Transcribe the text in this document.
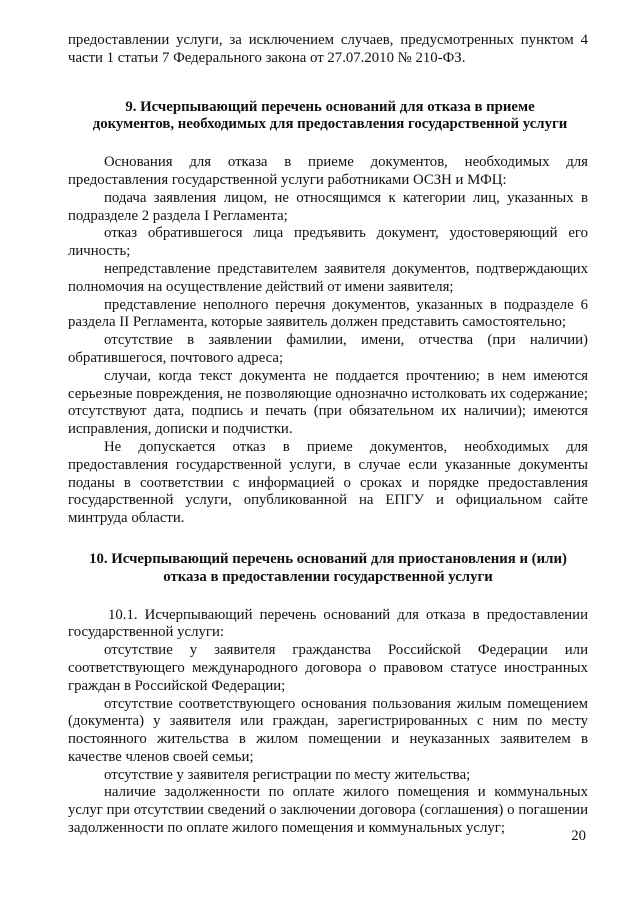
предоставлении услуги, за исключением случаев, предусмотренных пунктом 4 части 1 статьи 7 Федерального закона от 27.07.2010 № 210-ФЗ.

9. Исчерпывающий перечень оснований для отказа в приеме документов, необходимых для предоставления государственной услуги

Основания для отказа в приеме документов, необходимых для предоставления государственной услуги работниками ОСЗН и МФЦ:

подача заявления лицом, не относящимся к категории лиц, указанных в подразделе 2 раздела I Регламента;

отказ обратившегося лица предъявить документ, удостоверяющий его личность;

непредставление представителем заявителя документов, подтверждающих полномочия на осуществление действий от имени заявителя;

представление неполного перечня документов, указанных в подразделе 6 раздела II Регламента, которые заявитель должен представить самостоятельно;

отсутствие в заявлении фамилии, имени, отчества (при наличии) обратившегося, почтового адреса;

случаи, когда текст документа не поддается прочтению; в нем имеются серьезные повреждения, не позволяющие однозначно истолковать их содержание; отсутствуют дата, подпись и печать (при обязательном их наличии); имеются исправления, дописки и подчистки.

Не допускается отказ в приеме документов, необходимых для предоставления государственной услуги, в случае если указанные документы поданы в соответствии с информацией о сроках и порядке предоставления государственной услуги, опубликованной на ЕПГУ и официальном сайте минтруда области.

10. Исчерпывающий перечень оснований для приостановления и (или) отказа в предоставлении государственной услуги

10.1. Исчерпывающий перечень оснований для отказа в предоставлении государственной услуги:

отсутствие у заявителя гражданства Российской Федерации или соответствующего международного договора о правовом статусе иностранных граждан в Российской Федерации;

отсутствие соответствующего основания пользования жилым помещением (документа) у заявителя или граждан, зарегистрированных с ним по месту постоянного жительства в жилом помещении и неуказанных заявителем в качестве членов своей семьи;

отсутствие у заявителя регистрации по месту жительства;

наличие задолженности по оплате жилого помещения и коммунальных услуг при отсутствии сведений о заключении договора (соглашения) о погашении задолженности по оплате жилого помещения и коммунальных услуг;	20
